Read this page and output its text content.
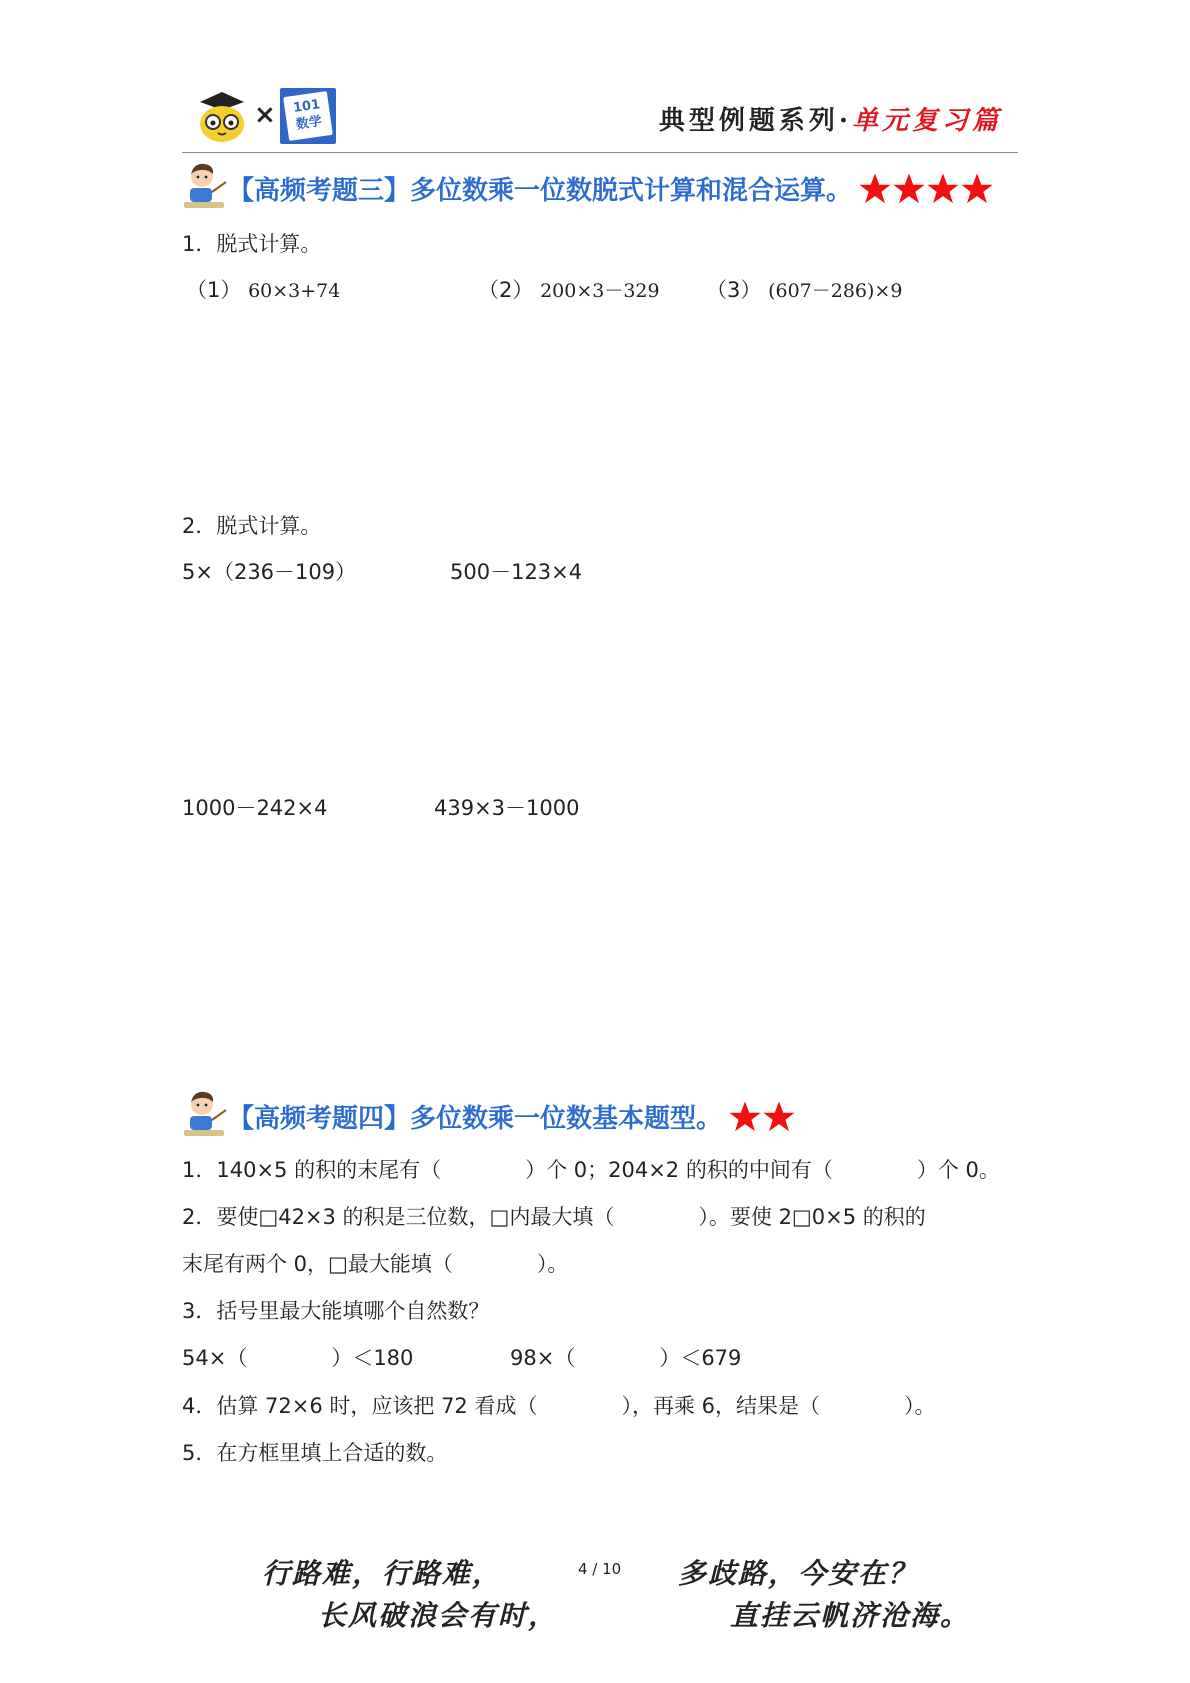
×	101
数学	典型例题系列·单元复习篇
【高频考题三】多位数乘一位数脱式计算和混合运算。
1．脱式计算。
（1） 60×3+74	（2） 200×3－329 （3） (607－286)×9
2．脱式计算。
5×（236－109）	500－123×4
1000－242×4	439×3－1000
【高频考题四】多位数乘一位数基本题型。
1．140×5 的积的末尾有（　　　　）个 0；204×2 的积的中间有（　　　　）个 0。
2．要使□42×3 的积是三位数，□内最大填（　　　　）。要使 2□0×5 的积的
末尾有两个 0，□最大能填（　　　　）。
3．括号里最大能填哪个自然数？
54×（　　　　）＜180	98×（　　　　）＜679
4．估算 72×6 时，应该把 72 看成（　　　　），再乘 6，结果是（　　　　）。
5．在方框里填上合适的数。
行路难，行路难，
长风破浪会有时，
4 / 10 多歧路，今安在？
直挂云帆济沧海。
